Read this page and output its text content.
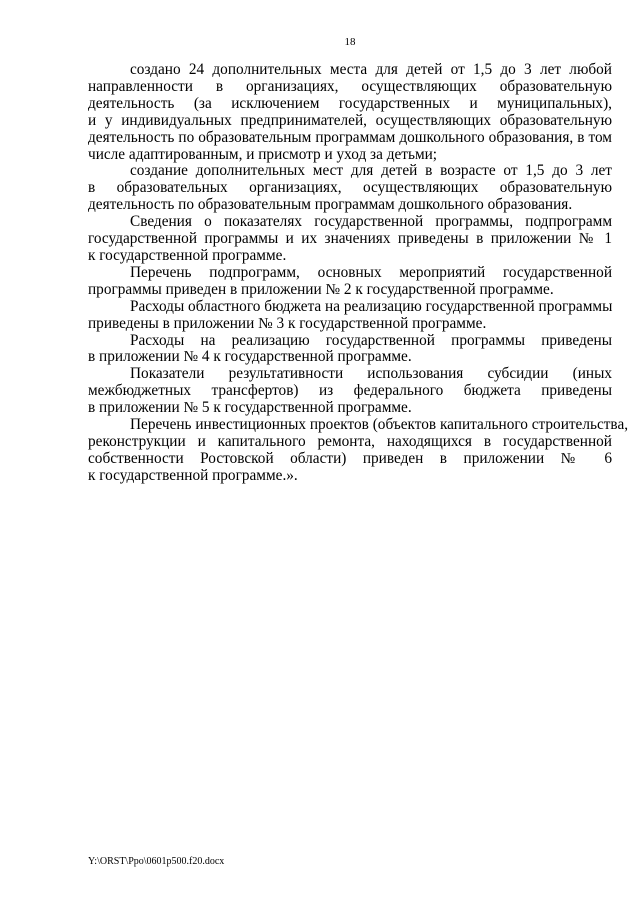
18
создано 24 дополнительных места для детей от 1,5 до 3 лет любой
направленности в организациях, осуществляющих образовательную
деятельность (за исключением государственных и муниципальных),
и у индивидуальных предпринимателей, осуществляющих образовательную
деятельность по образовательным программам дошкольного образования, в том
числе адаптированным, и присмотр и уход за детьми;
создание дополнительных мест для детей в возрасте от 1,5 до 3 лет
в образовательных организациях, осуществляющих образовательную
деятельность по образовательным программам дошкольного образования.
Сведения о показателях государственной программы, подпрограмм
государственной программы и их значениях приведены в приложении № 1
к государственной программе.
Перечень подпрограмм, основных мероприятий государственной
программы приведен в приложении № 2 к государственной программе.
Расходы областного бюджета на реализацию государственной программы
приведены в приложении № 3 к государственной программе.
Расходы на реализацию государственной программы приведены
в приложении № 4 к государственной программе.
Показатели результативности использования субсидии (иных
межбюджетных трансфертов) из федерального бюджета приведены
в приложении № 5 к государственной программе.
Перечень инвестиционных проектов (объектов капитального строительства,
реконструкции и капитального ремонта, находящихся в государственной
собственности Ростовской области) приведен в приложении № 6
к государственной программе.».
Y:\ORST\Ppo\0601p500.f20.docx
